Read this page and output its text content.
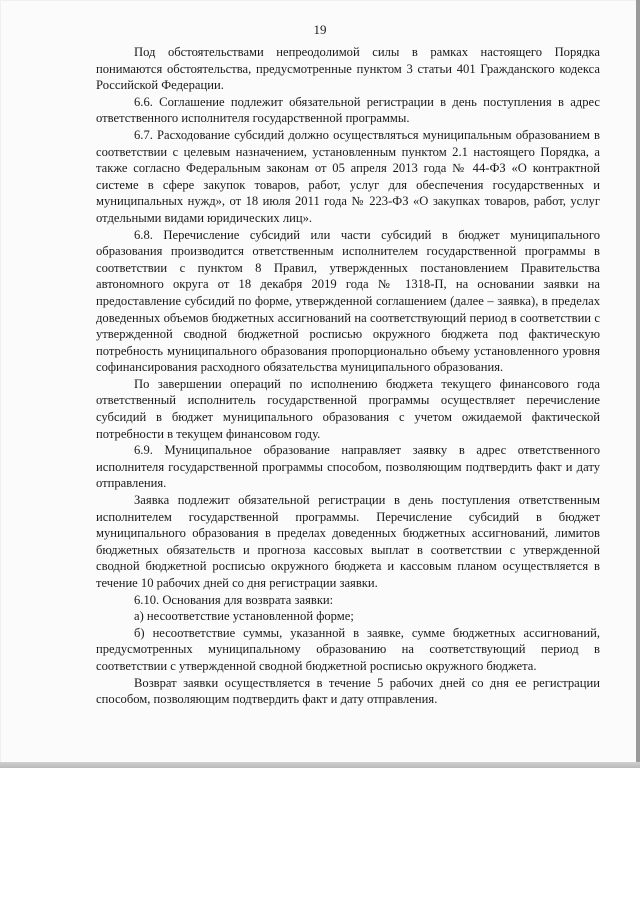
19

Под обстоятельствами непреодолимой силы в рамках настоящего Порядка понимаются обстоятельства, предусмотренные пунктом 3 статьи 401 Гражданского кодекса Российской Федерации.

6.6. Соглашение подлежит обязательной регистрации в день поступления в адрес ответственного исполнителя государственной программы.

6.7. Расходование субсидий должно осуществляться муниципальным образованием в соответствии с целевым назначением, установленным пунктом 2.1 настоящего Порядка, а также согласно Федеральным законам от 05 апреля 2013 года № 44-ФЗ «О контрактной системе в сфере закупок товаров, работ, услуг для обеспечения государственных и муниципальных нужд», от 18 июля 2011 года № 223-ФЗ «О закупках товаров, работ, услуг отдельными видами юридических лиц».

6.8. Перечисление субсидий или части субсидий в бюджет муниципального образования производится ответственным исполнителем государственной программы в соответствии с пунктом 8 Правил, утвержденных постановлением Правительства автономного округа от 18 декабря 2019 года № 1318-П, на основании заявки на предоставление субсидий по форме, утвержденной соглашением (далее – заявка), в пределах доведенных объемов бюджетных ассигнований на соответствующий период в соответствии с утвержденной сводной бюджетной росписью окружного бюджета под фактическую потребность муниципального образования пропорционально объему установленного уровня софинансирования расходного обязательства муниципального образования.

По завершении операций по исполнению бюджета текущего финансового года ответственный исполнитель государственной программы осуществляет перечисление субсидий в бюджет муниципального образования с учетом ожидаемой фактической потребности в текущем финансовом году.

6.9. Муниципальное образование направляет заявку в адрес ответственного исполнителя государственной программы способом, позволяющим подтвердить факт и дату отправления.

Заявка подлежит обязательной регистрации в день поступления ответственным исполнителем государственной программы. Перечисление субсидий в бюджет муниципального образования в пределах доведенных бюджетных ассигнований, лимитов бюджетных обязательств и прогноза кассовых выплат в соответствии с утвержденной сводной бюджетной росписью окружного бюджета и кассовым планом осуществляется в течение 10 рабочих дней со дня регистрации заявки.

6.10. Основания для возврата заявки:

а) несоответствие установленной форме;

б) несоответствие суммы, указанной в заявке, сумме бюджетных ассигнований, предусмотренных муниципальному образованию на соответствующий период в соответствии с утвержденной сводной бюджетной росписью окружного бюджета.

Возврат заявки осуществляется в течение 5 рабочих дней со дня ее регистрации способом, позволяющим подтвердить факт и дату отправления.
